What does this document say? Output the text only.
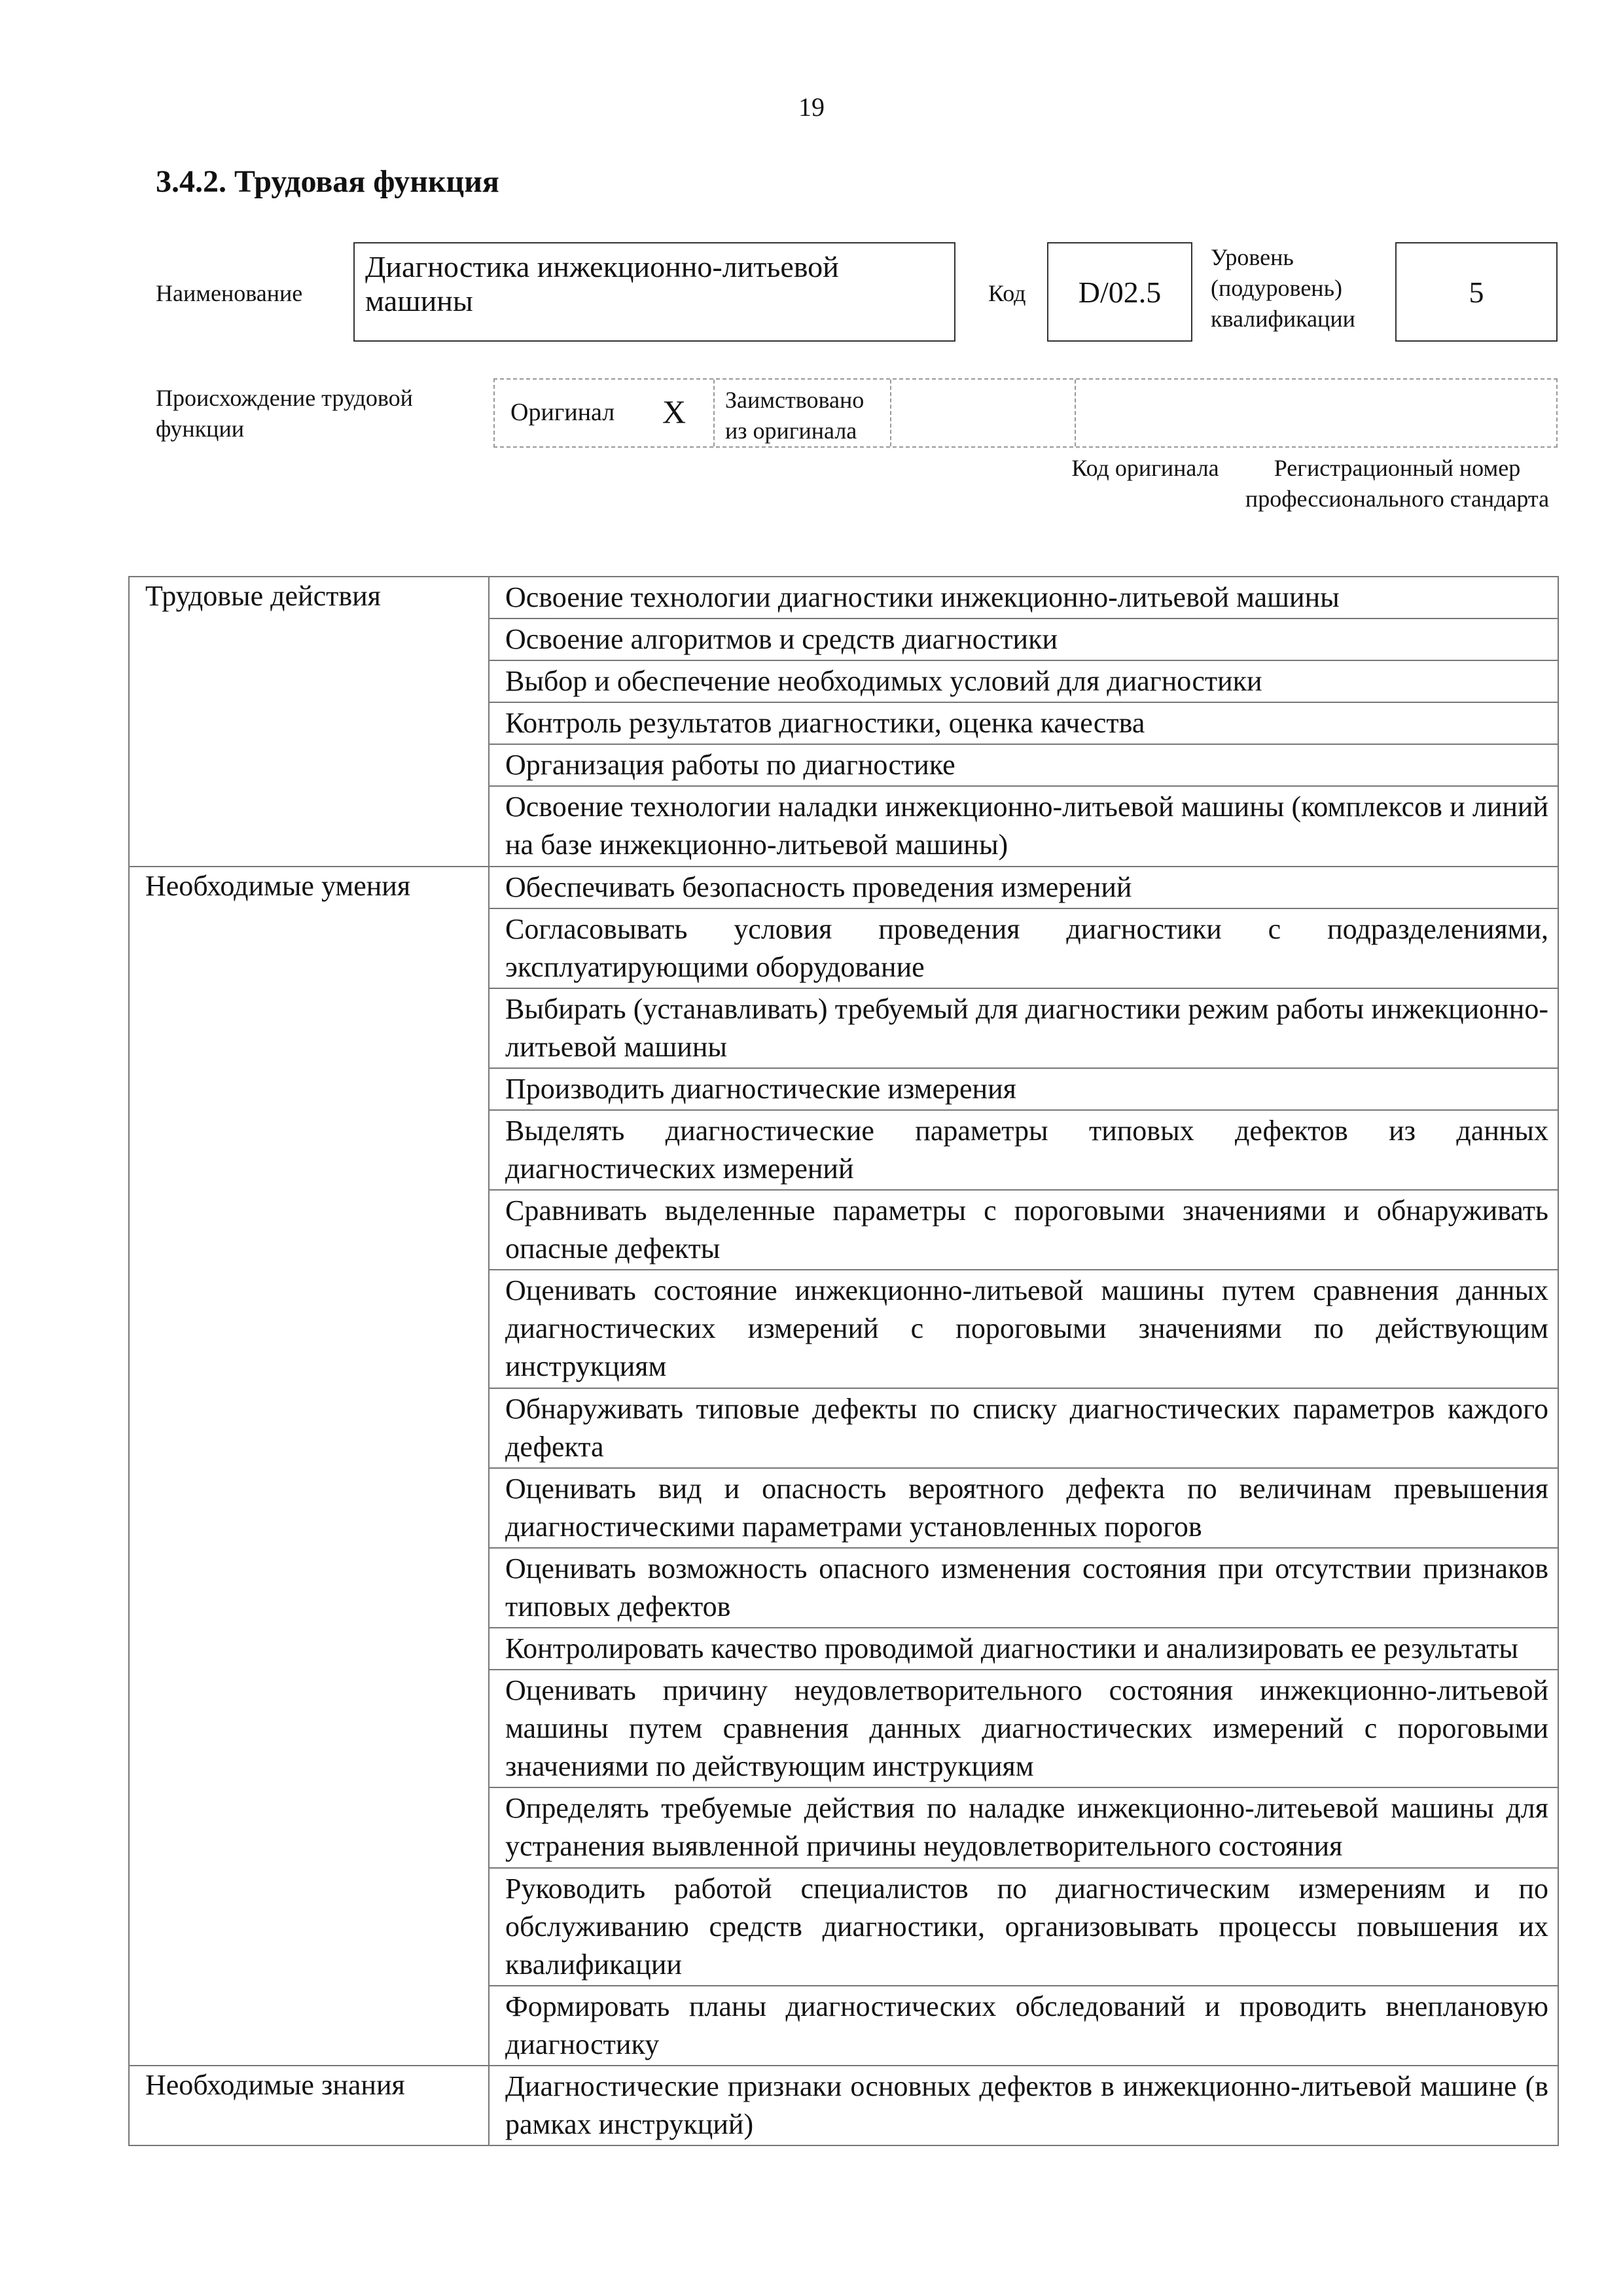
19
3.4.2. Трудовая функция
Наименование
Диагностика инжекционно-литьевой машины	Код D/02.5
Уровень (подуровень) квалификации
5
Происхождение трудовой функции
Оригинал X Заимствовано из оригинала
Код оригинала	Регистрационный номер профессионального стандарта
Трудовые действия	Освоение технологии диагностики инжекционно-литьевой машины
	Освоение алгоритмов и средств диагностики
	Выбор и обеспечение необходимых условий для диагностики
	Контроль результатов диагностики, оценка качества
	Организация работы по диагностике
	Освоение технологии наладки инжекционно-литьевой машины (комплексов и линий на базе инжекционно-литьевой машины)
Необходимые умения	Обеспечивать безопасность проведения измерений
	Согласовывать условия проведения диагностики с подразделениями, эксплуатирующими оборудование
	Выбирать (устанавливать) требуемый для диагностики режим работы инжекционно-литьевой машины
	Производить диагностические измерения
	Выделять диагностические параметры типовых дефектов из данных диагностических измерений
	Сравнивать выделенные параметры с пороговыми значениями и обнаруживать опасные дефекты
	Оценивать состояние инжекционно-литьевой машины путем сравнения данных диагностических измерений с пороговыми значениями по действующим инструкциям
	Обнаруживать типовые дефекты по списку диагностических параметров каждого дефекта
	Оценивать вид и опасность вероятного дефекта по величинам превышения диагностическими параметрами установленных порогов
	Оценивать возможность опасного изменения состояния при отсутствии признаков типовых дефектов
	Контролировать качество проводимой диагностики и анализировать ее результаты
	Оценивать причину неудовлетворительного состояния инжекционно-литьевой машины путем сравнения данных диагностических измерений с пороговыми значениями по действующим инструкциям
	Определять требуемые действия по наладке инжекционно-литеьевой машины для устранения выявленной причины неудовлетворительного состояния
	Руководить работой специалистов по диагностическим измерениям и по обслуживанию средств диагностики, организовывать процессы повышения их квалификации
	Формировать планы диагностических обследований и проводить внеплановую диагностику
Необходимые знания	Диагностические признаки основных дефектов в инжекционно-литьевой машине (в рамках инструкций)
